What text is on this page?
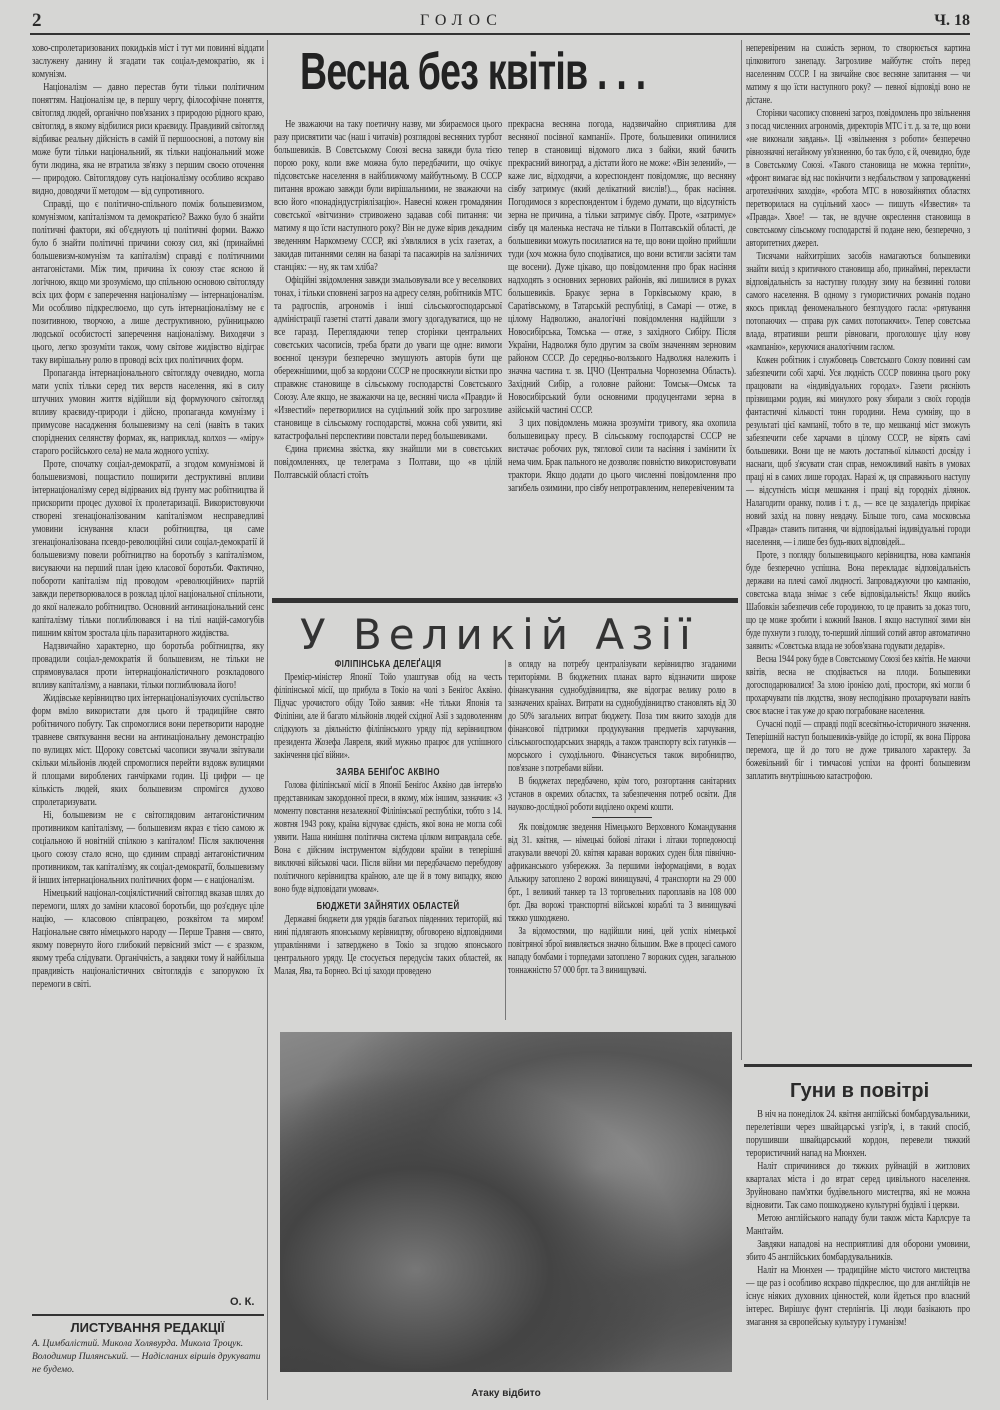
2	ГОЛОС	Ч. 18

хово-спролетаризованих покидьків міст і тут ми повинні віддати заслужену данину й згадати так соціал-демократію, як і комунізм.

Націоналізм — давно перестав бути тільки політичним поняттям. Націоналізм це, в першу чергу, філософічне поняття, світогляд людей, органічно пов'язаних з природою рідного краю, світогляд, в якому відбилися риси краєвиду. Правдивий світогляд відбиває реальну дійсність в самій її першооснові, а потому він може бути тільки національний, як тільки національний може бути людина, яка не втратила зв'язку з першим своєю оточення — природою. Світоглядову суть націоналізму особливо яскраво видно, доводячи її методом — від супротивного.

Справді, що є політично-спільного поміж большевизмом, комунізмом, капіталізмом та демократією? Важко було б знайти політичні фактори, які об'єднують ці політичні форми. Важко було б знайти політичні причини союзу сил, які (принаймні большевизм-комунізм та капіталізм) справді є політичними антагоністами. Між тим, причина їх союзу стає ясною й логічною, якщо ми зрозуміємо, що спільною основою світогляду всіх цих форм є заперечення націоналізму — інтернаціоналізм. Ми особливо підкреслюємо, що суть інтернаціоналізму не є позитивною, творчою, а лише деструктивною, руїнницькою людської особистості заперечення націоналізму. Виходячи з цього, легко зрозуміти також, чому світове жидівство відіграє таку вирішальну ролю в проводі всіх цих політичних форм.

Пропаганда інтернаціонального світогляду очевидно, могла мати успіх тільки серед тих верств населення, які в силу штучних умовин життя відійшли від формуючого світогляд впливу краєвиду-природи і дійсно, пропаганда комунізму і примусове насадження большевизму на селі (навіть в таких споріднених селянству формах, як, наприклад, колхоз — «міру» старого російського села) не мала жодного успіху.

Проте, спочатку соціал-демократії, а згодом комунізмові й большевизмові, пощастило поширити деструктивні впливи інтернаціоналізму серед відірваних від ґрунту мас робітництва й прискорити процес духової їх пролетаризації. Використовуючи створені згенаціоналізованим капіталізмом несправедливі умовини існування класи робітництва, ця саме згенаціоналізована псевдо-революційні сили соціал-демократії й большевизму повели робітництво на боротьбу з капіталізмом, висуваючи на перший план ідею класової боротьби. Фактично, побороти капіталізм під проводом «революційних» партій завжди перетворювалося в розклад цілої національної спільноти, до якої належало робітництво. Основний антинаціональний сенс капіталізму тільки поглиблювався і на тілі націй-самогубів пишним квітом зростала ціль паразитарного жидівства.

Надзвичайно характерно, що боротьба робітництва, яку провадили соціал-демократія й большевизм, не тільки не спрямовувалася проти інтернаціоналістичного розкладового впливу капіталізму, а навпаки, тільки поглиблювала його!

Жидівське керівництво цих інтернаціоналізуючих суспільство форм вміло використати для цього й традиційне свято робітничого побуту. Так спромоглися вони перетворити народне травневе святкування весни на антинаціональну демонстрацію по вулицях міст. Щороку совєтські часописи звучали звітували скільки мільйонів людей спромоглися перейти вздовж вулицями й площами вироблених ганчірками годин. Ці цифри — це кількість людей, яких большевизм спромігся духово спролетаризувати.

Ні, большевизм не є світоглядовим антагоністичним противником капіталізму, — большевизм якраз є тією самою ж соціальною й новітній спілкою з капіталом! Після заключення цього союзу стало ясно, що єдиним справді антагоністичним противником, так капіталізму, як соціал-демократії, большевизму й інших інтернаціональних політичних форм — є націоналізм.

Німецький націонал-соціялістичний світогляд вказав шлях до перемоги, шлях до заміни класової боротьби, що роз'єднує ціле націю, — класовою співпрацею, розквітом та миром! Національне свято німецького народу — Перше Травня — свято, якому повернуто його глибокий первісний зміст — є зразком, якому треба слідувати. Органічність, а завдяки тому й найбільша правдивість націоналістичних світоглядів є запорукою їх перемоги в світі.

О. К.
ЛИСТУВАННЯ РЕДАКЦІЇ
А. Цимбаліcтий. Микола Холявурда. Микола Троцук. Володимир Пилянський. — Надісланих віршів друкувати не будемо.
Весна без квітів . . .

Не зважаючи на таку поетичну назву, ми збираємося цього разу присвятити час (наш і читачів) розглядові весняних турбот большевиків. В Совєтському Союзі весна завжди була тією порою року, коли вже можна було передбачити, що очікує підсовєтське населення в найближчому майбутньому. В СССР питання врожаю завжди були вирішальними, не зважаючи на всю його «понадіндустріялізацію». Навесні кожен громадянин совєтської «вітчизни» стривожено задавав собі питання: чи матиму я що їсти наступного року? Він не дуже вірив декадним зведенням Наркомзему СССР, які з'являлися в усіх газетах, а закидав питаннями селян на базарі та пасажирів на залізничих станціях: — ну, як там хліба?

Офіційні звідомлення завжди змальовували все у веселкових тонах, і тільки сповнені загроз на адресу селян, робітників МТС та радгоспів, агрономів і інші сільськогосподарської адміністрації газетні статті давали змогу здогадуватися, що не все гаразд. Переглядаючи тепер сторінки центральних совєтських часописів, треба брати до уваги ще одне: вимоги воєнної цензури безперечно змушують авторів бути ще обережнішими, щоб за кордони СССР не просякнули вістки про справжнє становище в сільському господарстві Совєтського Союзу. Але якщо, не зважаючи на це, весняні числа «Правди» й «Известий» перетворилися на суцільний зойк про загрозливе становище в сільському господарстві, можна собі уявити, які катастрофальні перспективи повстали перед большевиками.

Єдина приємна звістка, яку знайшли ми в совєтських повідомленнях, це телеграма з Полтави, що «в цілій Полтавській області стоїть

прекрасна весняна погода, надзвичайно сприятлива для весняної посівної кампанії». Проте, большевики опинилися тепер в становищі відомого лиса з байки, який бачить прекрасний виноград, а дістати його не може: «Він зелений», — каже лис, відходячи, а кореспондент повідомляє, що весняну сівбу затримує (який делікатний вислів!)..., брак насіння. Погодимося з кореспондентом і будемо думати, що відсутність зерна не причина, а тільки затримує сівбу. Проте, «затримує» сівбу ця маленька нестача не тільки в Полтавській області, де большевики можуть посилатися на те, що вони щойно прийшли туди (хоч можна було сподіватися, що вони встигли засіяти там ще восени). Дуже цікаво, що повідомлення про брак насіння надходять з основних зернових районів, які лишилися в руках большевиків. Бракує зерна в Горківському краю, в Саратівському, в Татарській республіці, в Самарі — отже, в цілому Надволжю, аналогічні повідомлення надійшли з Новосибірська, Томська — отже, з західного Сибіру. Після України, Надволжя було другим за своїм значенням зерновим районом СССР. До середньо-волзького Надволжя належить і значна частина т. зв. ЦЧО (Центральна Чорноземна Область). Західний Сибір, а головне райони: Томськ—Омськ та Новосибірський були основними продуцентами зерна в азійській частині СССР.

З цих повідомлень можна зрозуміти тривогу, яка охопила большевицьку пресу. В сільському господарстві СССР не вистачає робочих рук, тяглової сили та насіння і замінити їх нема чим. Брак пального не дозволяє повністю використовувати трактори. Якщо додати до цього численні повідомлення про загибель озимини, про сівбу непротравленим, неперевіченим та

неперевіреним на схожість зерном, то створюється картина цілковитого занепаду. Загрозливе майбутнє стоїть перед населенням СССР. І на звичайне своє весняне запитання — чи матиму я що їсти наступного року? — певної відповіді воно не дістане.

Сторінки часопису сповнені загроз, повідомлень про звільнення з посад численних агрономів, директорів МТС і т. д. за те, що вони «не виконали завдань». Ці «звільнення з роботи» безперечно рівнозначні негайному ув'язненню, бо так було, є й, очевидно, буде в Совєтському Союзі. «Такого становища не можна терпіти», «фронт вимагає від нас покінчити з недбальством у запровадженні агротехнічних заходів», «робота МТС в новозайнятих областях перетворилася на суцільний хаос» — пишуть «Известия» та «Правда». Хвое! — так, не вдучне окреслення становища в совєтському сільському господарстві й подане нею, безперечно, з авторитетних джерел.

Тисячами найхитріших засобів намагаються большевики знайти вихід з критичного становища або, принаймні, перекласти відповідальність за наступну голодну зиму на безвинні голови самого населення. В одному з гумористичних романів подано якось приклад феноменального безглуздого гасла: «рятування потопаючих — справа рук самих потопаючих». Тепер совєтська влада, втративши решти рівноваги, проголошує цілу нову «кампанію», керуючися аналогічним гаслом.

Кожен робітник і службовець Совєтського Союзу повинні сам забезпечити собі харчі. Уся людність СССР повинна цього року працювати на «індивідуальних городах». Газети рясніють прізвищами родин, які минулого року збирали з своїх городів фантастичні кількості тонн городини. Нема сумніву, що в результаті цієї кампанії, тобто в те, що мешканці міст зможуть забезпечити себе харчами в цілому СССР, не вірять самі большевики. Вони ще не мають достатньої кількості досвіду і наснаги, щоб з'ясувати стан справ, неможливий навіть в умовах праці ні в самих лише городах. Наразі ж, ця справжнього наступу — відсутність місця мешкання і праці від городніх ділянок. Налагодити оранку, полив і т. д., — все це заздалегідь прирікає новий захід на повну невдачу. Більше того, сама московська «Правда» ставить питання, чи відповідальні індивідуальні городи населення, — і лише без будь-яких відповідей...

Проте, з погляду большевицького керівництва, нова кампанія буде безперечно успішна. Вона перекладає відповідальність держави на плечі самої людності. Запроваджуючи цю кампанію, совєтська влада знімає з себе відповідальність! Якщо якийсь Шабовкін забезпечив себе городиною, то це править за доказ того, що це може зробити і кожний Іванов. І якщо наступної зими він буде пухнути з голоду, то-перший ліпший сотий автор автоматично заявить: «Совєтська влада не зобов'язана годувати дедарів».

Весна 1944 року буде в Совєтському Союзі без квітів. Не маючи квітів, весна не сподівається на плоди. Большевики догосподарювалися! За злою іронією долі, простори, які могли б прохарчувати пів людства, знову несподівано прохарчувати навіть своє власне і так уже до краю пограбоване населення.

Сучасні події — справді події всесвітньо-історичного значення. Теперішній наступ большевиків-увійде до історії, як вона Піррова перемога, ще й до того не дуже тривалого характеру. За божевільний біг і тимчасові успіхи на фронті большевизм заплатить внутрішньою катастрофою.

Гуни в повітрі

В ніч на понеділок 24. квітня англійські бомбардувальники, перелетівши через швайцарські узгір'я, і, в такий спосіб, порушивши швайцарський кордон, перевели тяжкий терористичний напад на Мюнхен.

Наліт спричинився до тяжких руйнацій в житлових кварталах міста і до втрат серед цивільного населення. Зруйновано пам'ятки будівельного мистецтва, які не можна відновити. Так само пошкоджено культурні будівлі і церкви.

Метою англійського нападу були також міста Карлсруе та Манґгайм.

Завдяки нападові на несприятливі для оборони умовини, збито 45 англійських бомбардувальників.

Наліт на Мюнхен — традиційне місто чистого мистецтва — ще раз і особливо яскраво підкреслює, що для англійців не існує ніяких духовних цінностей, коли йдеться про власний інтерес. Вирішує фунт стерлінгів. Ці люди базікають про змагання за європейську культуру і гуманізм!

У Великій Азії
ФІЛІПІНСЬКА ДЕЛЕҐАЦІЯ

Премієр-міністер Японії Тойо улаштував обід на честь філіпінської місії, що прибула в Токіо на чолі з Беніґос Аквіно. Підчас урочистого обіду Тойо заявив: «Не тільки Японія та Філіпіни, але й багато мільйонів людей східної Азії з задоволенням слідкують за діяльністю філіпінського уряду під керівництвом президента Жозефа Лавреля, який мужньо працює для успішного закінчення цієї війни».

ЗАЯВА БЕНІҐОС АКВІНО

Голова філіпінської місії в Японії Беніґос Аквіно дав інтерв'ю представникам закордонної преси, в якому, між іншим, зазначив: «З моменту повстання незалежної Філіпінської республіки, тобто з 14. жовтня 1943 року, країна відчуває єдність, якої вона не могла собі уявити. Наша нинішня політична система цілком виправдала себе. Вона є дійсним інструментом відбудови країни в теперішні виключні військові часи. Після війни ми передбачаємо перебудову політичного керівництва країною, але ще й в тому випадку, якою воно буде відповідати умовам».

БЮДЖЕТИ ЗАЙНЯТИХ ОБЛАСТЕЙ

Державні бюджети для урядів багатьох південних територій, які нині підлягають японському керівництву, обговорено відповідними управліннями і затверджено в Токіо за згодою японського центрального уряду. Це стосується передусім таких областей, як Малая, Ява, та Борнео. Всі ці заходи проведено

в огляду на потребу централізувати керівництво згаданими територіями. В бюджетних планах варто відзначити широке фінансування суднобудівництва, яке відограє велику ролю в зазначених країнах. Витрати на суднобудівництво становлять від 30 до 50% загальних витрат бюджету. Поза тим вжито заходів для фінансової підтримки продукування предметів харчування, сільськогосподарських знарядь, а також транспорту всіх гатунків — морського і суходільного. Фінансується також виробництво, пов'язане з потребами війни.

В бюджетах передбачено, крім того, розгортання санітарних установ в окремих областях, та забезпечення потреб освіти. Для науково-дослідної роботи виділено окремі кошти.

Як повідомляє зведення Німецького Верховного Командування від 31. квітня, — німецькі бойові літаки і літаки торпедоносці атакували ввечорі 20. квітня караван ворожих суден біля північно-африканського узбережжя. За першими інформаціями, в водах Альжиру затоплено 2 ворожі винищувачі, 4 транспорти на 29 000 брт., 1 великий танкер та 13 торговельних пароплавів на 108 000 брт. Два ворожі транспортні військові кораблі та 3 винищувачі тяжко ушкоджено.

За відомостями, що надійшли нині, цей успіх німецької повітряної зброї виявляється значно більшим. Вже в процесі самого нападу бомбами і торпедами затоплено 7 ворожих суден, загальною тоннажністю 57 000 брт. та 3 винищувачі.

Атаку відбито
